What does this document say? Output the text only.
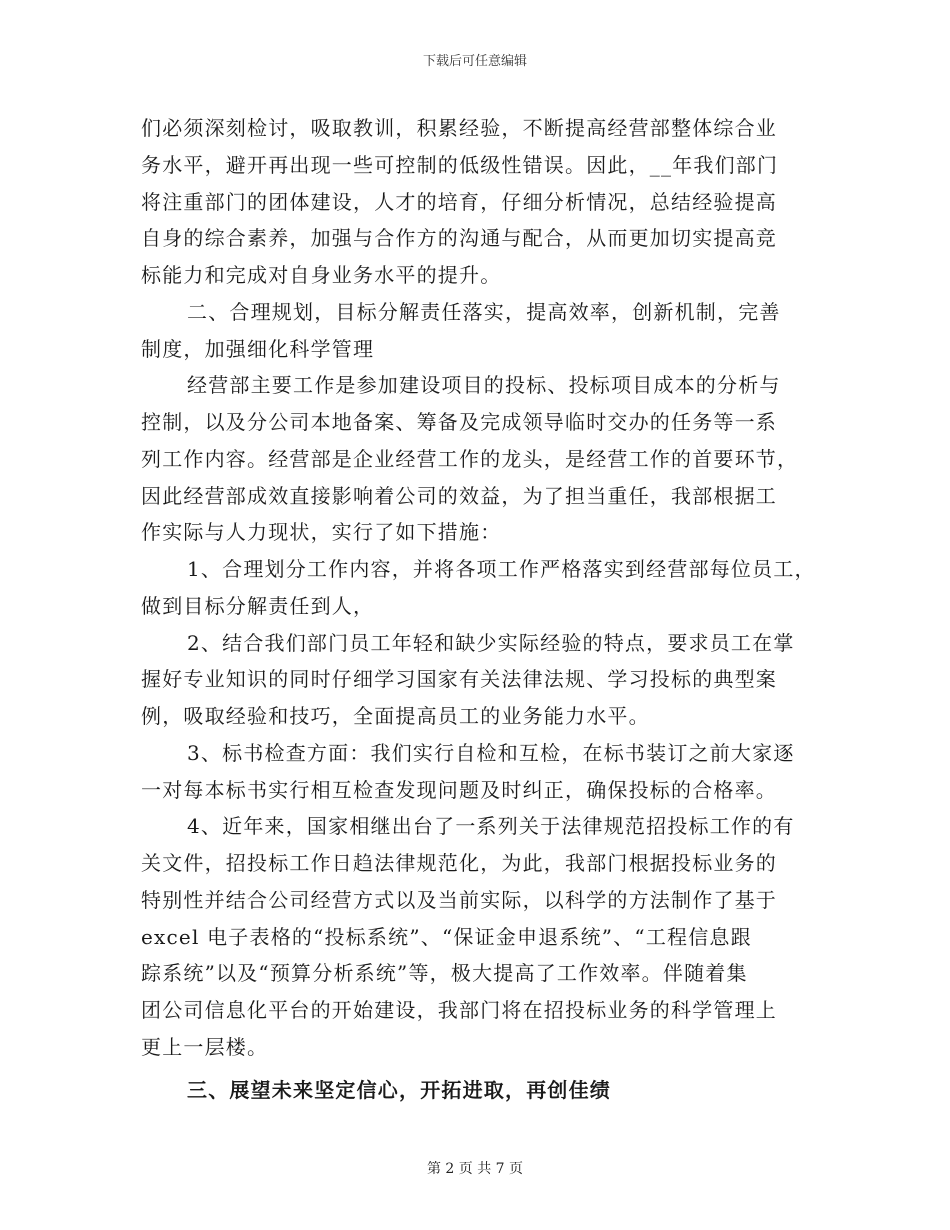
下载后可任意编辑
们必须深刻检讨，吸取教训，积累经验，不断提高经营部整体综合业
务水平，避开再出现一些可控制的低级性错误。因此，__年我们部门
将注重部门的团体建设，人才的培育，仔细分析情况，总结经验提高
自身的综合素养，加强与合作方的沟通与配合，从而更加切实提高竞
标能力和完成对自身业务水平的提升。
二、合理规划，目标分解责任落实，提高效率，创新机制，完善
制度，加强细化科学管理
经营部主要工作是参加建设项目的投标、投标项目成本的分析与
控制，以及分公司本地备案、筹备及完成领导临时交办的任务等一系
列工作内容。经营部是企业经营工作的龙头，是经营工作的首要环节，
因此经营部成效直接影响着公司的效益，为了担当重任，我部根据工
作实际与人力现状，实行了如下措施：
1、合理划分工作内容，并将各项工作严格落实到经营部每位员工，
做到目标分解责任到人，
2、结合我们部门员工年轻和缺少实际经验的特点，要求员工在掌
握好专业知识的同时仔细学习国家有关法律法规、学习投标的典型案
例，吸取经验和技巧，全面提高员工的业务能力水平。
3、标书检查方面：我们实行自检和互检，在标书装订之前大家逐
一对每本标书实行相互检查发现问题及时纠正，确保投标的合格率。
4、近年来，国家相继出台了一系列关于法律规范招投标工作的有
关文件，招投标工作日趋法律规范化，为此，我部门根据投标业务的
特别性并结合公司经营方式以及当前实际，以科学的方法制作了基于
excel 电子表格的“投标系统”、“保证金申退系统”、“工程信息跟
踪系统”以及“预算分析系统”等，极大提高了工作效率。伴随着集
团公司信息化平台的开始建设，我部门将在招投标业务的科学管理上
更上一层楼。
三、展望未来坚定信心，开拓进取，再创佳绩
第 2 页 共 7 页
